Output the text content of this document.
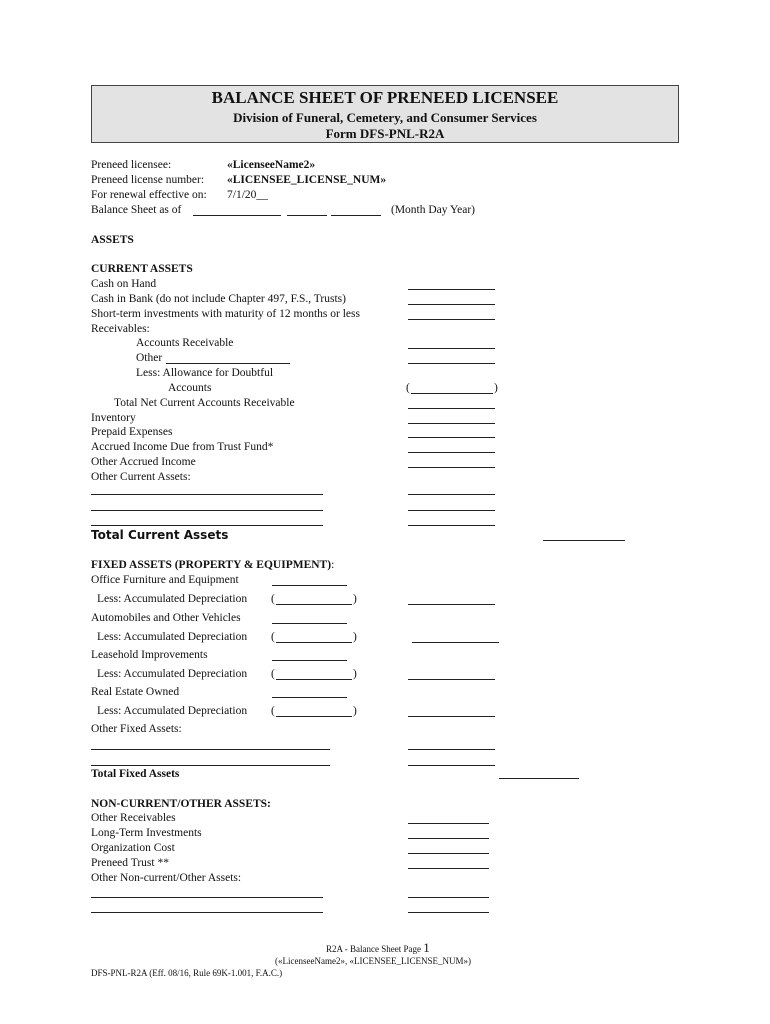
BALANCE SHEET OF PRENEED LICENSEE
Division of Funeral, Cemetery, and Consumer Services
Form DFS-PNL-R2A
Preneed licensee:	«LicenseeName2»
Preneed license number: «LICENSEE_LICENSE_NUM»
For renewal effective on: 7/1/20__
Balance Sheet as of	(Month Day Year)
ASSETS
CURRENT ASSETS
Cash on Hand
Cash in Bank (do not include Chapter 497, F.S., Trusts)
Short-term investments with maturity of 12 months or less
Receivables:
Accounts Receivable
Other
Less: Allowance for Doubtful
Accounts	(	)
Total Net Current Accounts Receivable
Inventory
Prepaid Expenses
Accrued Income Due from Trust Fund*
Other Accrued Income
Other Current Assets:
Total Current Assets
FIXED ASSETS (PROPERTY & EQUIPMENT):
Office Furniture and Equipment
Less: Accumulated Depreciation (	)
Automobiles and Other Vehicles
Less: Accumulated Depreciation (	)
Leasehold Improvements
Less: Accumulated Depreciation (	)
Real Estate Owned
Less: Accumulated Depreciation (	)
Other Fixed Assets:
Total Fixed Assets
NON-CURRENT/OTHER ASSETS:
Other Receivables
Long-Term Investments
Organization Cost
Preneed Trust **
Other Non-current/Other Assets:
R2A - Balance Sheet Page 1
(«LicenseeName2», «LICENSEE_LICENSE_NUM»)
DFS-PNL-R2A (Eff. 08/16, Rule 69K-1.001, F.A.C.)
